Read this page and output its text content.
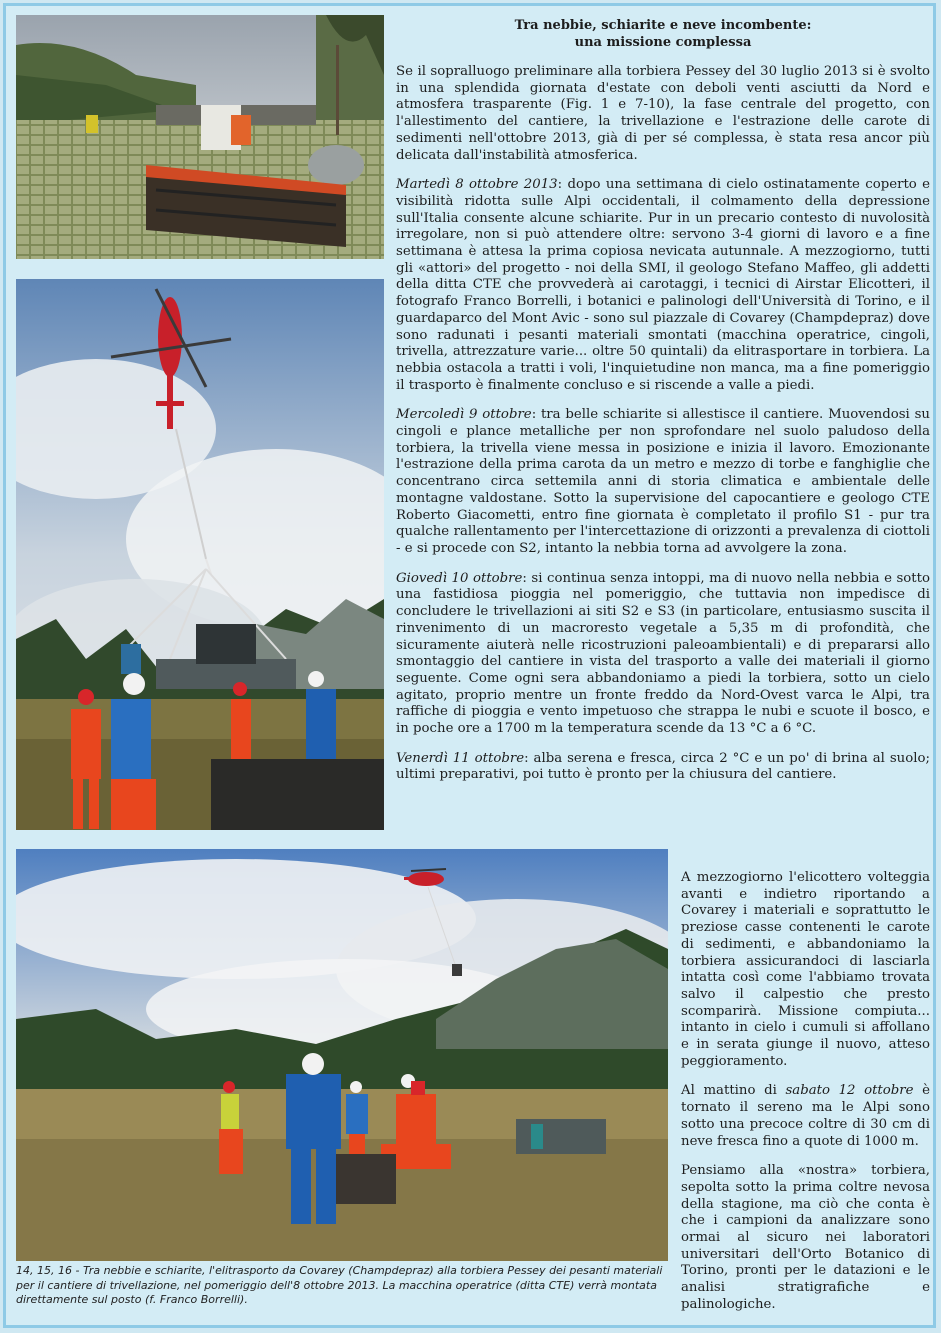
Tra nebbie, schiarite e neve incombente:
una missione complessa

Se il sopralluogo preliminare alla torbiera Pessey del 30 luglio 2013 si è svolto in una splendida giornata d'estate con deboli venti asciutti da Nord e atmosfera trasparente (Fig. 1 e 7-10), la fase centrale del progetto, con l'allestimento del cantiere, la trivellazione e l'estrazione delle carote di sedimenti nell'ottobre 2013, già di per sé complessa, è stata resa ancor più delicata dall'instabilità atmosferica.

Martedì 8 ottobre 2013: dopo una settimana di cielo ostinatamente coperto e visibilità ridotta sulle Alpi occidentali, il colmamento della depressione sull'Italia consente alcune schiarite. Pur in un precario contesto di nuvolosità irregolare, non si può attendere oltre: servono 3-4 giorni di lavoro e a fine settimana è attesa la prima copiosa nevicata autunnale. A mezzogiorno, tutti gli «attori» del progetto - noi della SMI, il geologo Stefano Maffeo, gli addetti della ditta CTE che provvederà ai carotaggi, i tecnici di Airstar Elicotteri, il fotografo Franco Borrelli, i botanici e palinologi dell'Università di Torino, e il guardaparco del Mont Avic - sono sul piazzale di Covarey (Champdepraz) dove sono radunati i pesanti materiali smontati (macchina operatrice, cingoli, trivella, attrezzature varie... oltre 50 quintali) da elitrasportare in torbiera. La nebbia ostacola a tratti i voli, l'inquietudine non manca, ma a fine pomeriggio il trasporto è finalmente concluso e si riscende a valle a piedi.

Mercoledì 9 ottobre: tra belle schiarite si allestisce il cantiere. Muovendosi su cingoli e plance metalliche per non sprofondare nel suolo paludoso della torbiera, la trivella viene messa in posizione e inizia il lavoro. Emozionante l'estrazione della prima carota da un metro e mezzo di torbe e fanghiglie che concentrano circa settemila anni di storia climatica e ambientale delle montagne valdostane. Sotto la supervisione del capocantiere e geologo CTE Roberto Giacometti, entro fine giornata è completato il profilo S1 - pur tra qualche rallentamento per l'intercettazione di orizzonti a prevalenza di ciottoli - e si procede con S2, intanto la nebbia torna ad avvolgere la zona.

Giovedì 10 ottobre: si continua senza intoppi, ma di nuovo nella nebbia e sotto una fastidiosa pioggia nel pomeriggio, che tuttavia non impedisce di concludere le trivellazioni ai siti S2 e S3 (in particolare, entusiasmo suscita il rinvenimento di un macroresto vegetale a 5,35 m di profondità, che sicuramente aiuterà nelle ricostruzioni paleoambientali) e di prepararsi allo smontaggio del cantiere in vista del trasporto a valle dei materiali il giorno seguente. Come ogni sera abbandoniamo a piedi la torbiera, sotto un cielo agitato, proprio mentre un fronte freddo da Nord-Ovest varca le Alpi, tra raffiche di pioggia e vento impetuoso che strappa le nubi e scuote il bosco, e in poche ore a 1700 m la temperatura scende da 13 °C a 6 °C.

Venerdì 11 ottobre: alba serena e fresca, circa 2 °C e un po' di brina al suolo; ultimi preparativi, poi tutto è pronto per la chiusura del cantiere.

A mezzogiorno l'elicottero volteggia avanti e indietro riportando a Covarey i materiali e soprattutto le preziose casse contenenti le carote di sedimenti, e abbandoniamo la torbiera assicurandoci di lasciarla intatta così come l'abbiamo trovata salvo il calpestio che presto scomparirà. Missione compiuta... intanto in cielo i cumuli si affollano e in serata giunge il nuovo, atteso peggioramento.

Al mattino di sabato 12 ottobre è tornato il sereno ma le Alpi sono sotto una precoce coltre di 30 cm di neve fresca fino a quote di 1000 m.

Pensiamo alla «nostra» torbiera, sepolta sotto la prima coltre nevosa della stagione, ma ciò che conta è che i campioni da analizzare sono ormai al sicuro nei laboratori universitari dell'Orto Botanico di Torino, pronti per le datazioni e le analisi stratigrafiche e palinologiche.

14, 15, 16 - Tra nebbie e schiarite, l'elitrasporto da Covarey (Champdepraz) alla torbiera Pessey dei pesanti materiali per il cantiere di trivellazione, nel pomeriggio dell'8 ottobre 2013. La macchina operatrice (ditta CTE) verrà montata direttamente sul posto (f. Franco Borrelli).
